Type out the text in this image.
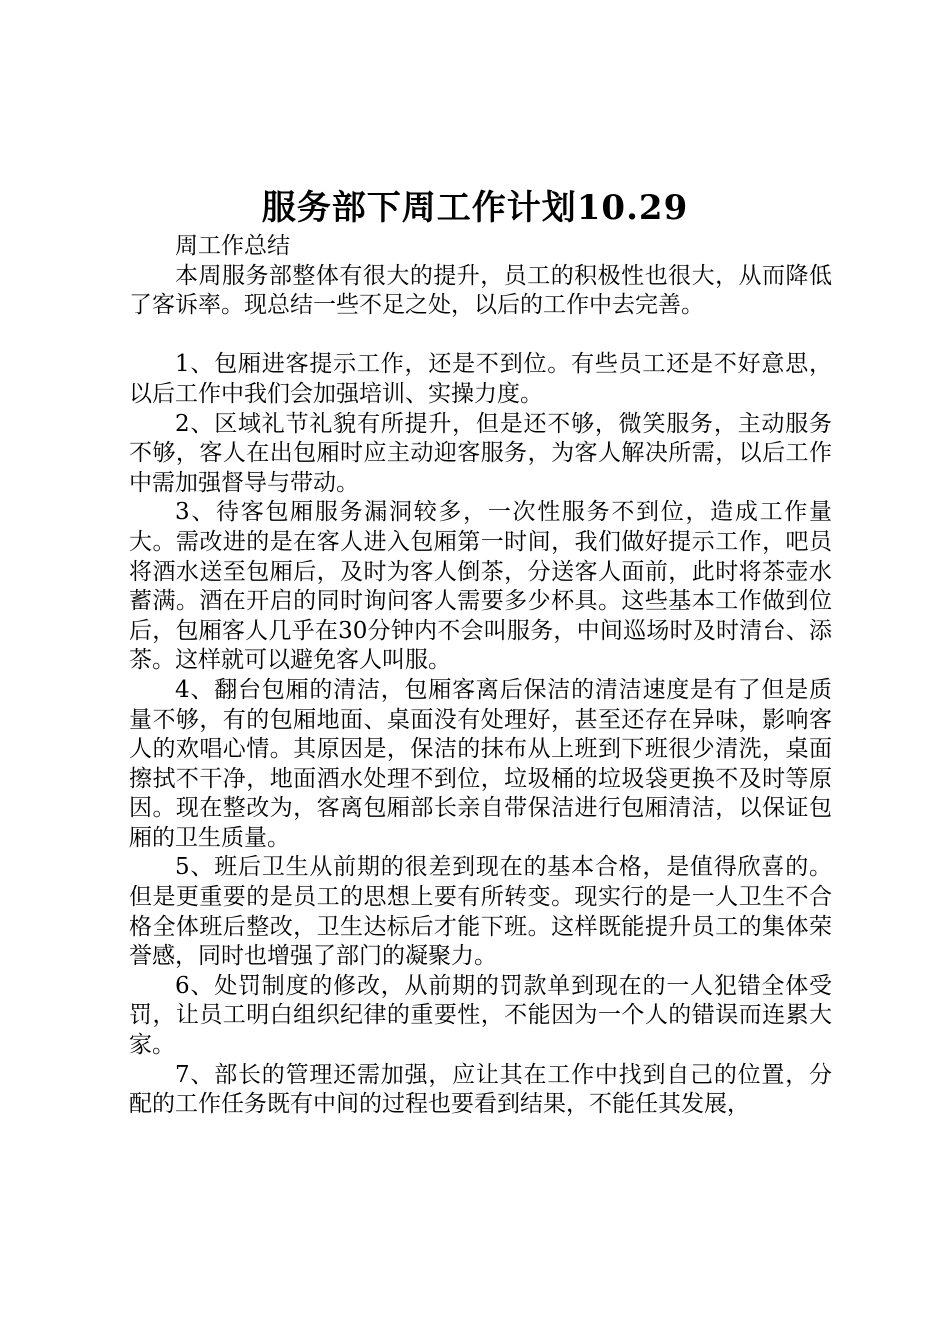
服务部下周工作计划10.29

周工作总结

本周服务部整体有很大的提升，员工的积极性也很大，从而降低了客诉率。现总结一些不足之处，以后的工作中去完善。

1、包厢进客提示工作，还是不到位。有些员工还是不好意思，以后工作中我们会加强培训、实操力度。

2、区域礼节礼貌有所提升，但是还不够，微笑服务，主动服务不够，客人在出包厢时应主动迎客服务，为客人解决所需，以后工作中需加强督导与带动。

3、待客包厢服务漏洞较多，一次性服务不到位，造成工作量大。需改进的是在客人进入包厢第一时间，我们做好提示工作，吧员将酒水送至包厢后，及时为客人倒茶，分送客人面前，此时将茶壶水蓄满。酒在开启的同时询问客人需要多少杯具。这些基本工作做到位后，包厢客人几乎在30分钟内不会叫服务，中间巡场时及时清台、添茶。这样就可以避免客人叫服。

4、翻台包厢的清洁，包厢客离后保洁的清洁速度是有了但是质量不够，有的包厢地面、桌面没有处理好，甚至还存在异味，影响客人的欢唱心情。其原因是，保洁的抹布从上班到下班很少清洗，桌面擦拭不干净，地面酒水处理不到位，垃圾桶的垃圾袋更换不及时等原因。现在整改为，客离包厢部长亲自带保洁进行包厢清洁，以保证包厢的卫生质量。

5、班后卫生从前期的很差到现在的基本合格，是值得欣喜的。但是更重要的是员工的思想上要有所转变。现实行的是一人卫生不合格全体班后整改，卫生达标后才能下班。这样既能提升员工的集体荣誉感，同时也增强了部门的凝聚力。

6、处罚制度的修改，从前期的罚款单到现在的一人犯错全体受罚，让员工明白组织纪律的重要性，不能因为一个人的错误而连累大家。

7、部长的管理还需加强，应让其在工作中找到自己的位置，分配的工作任务既有中间的过程也要看到结果，不能任其发展，
